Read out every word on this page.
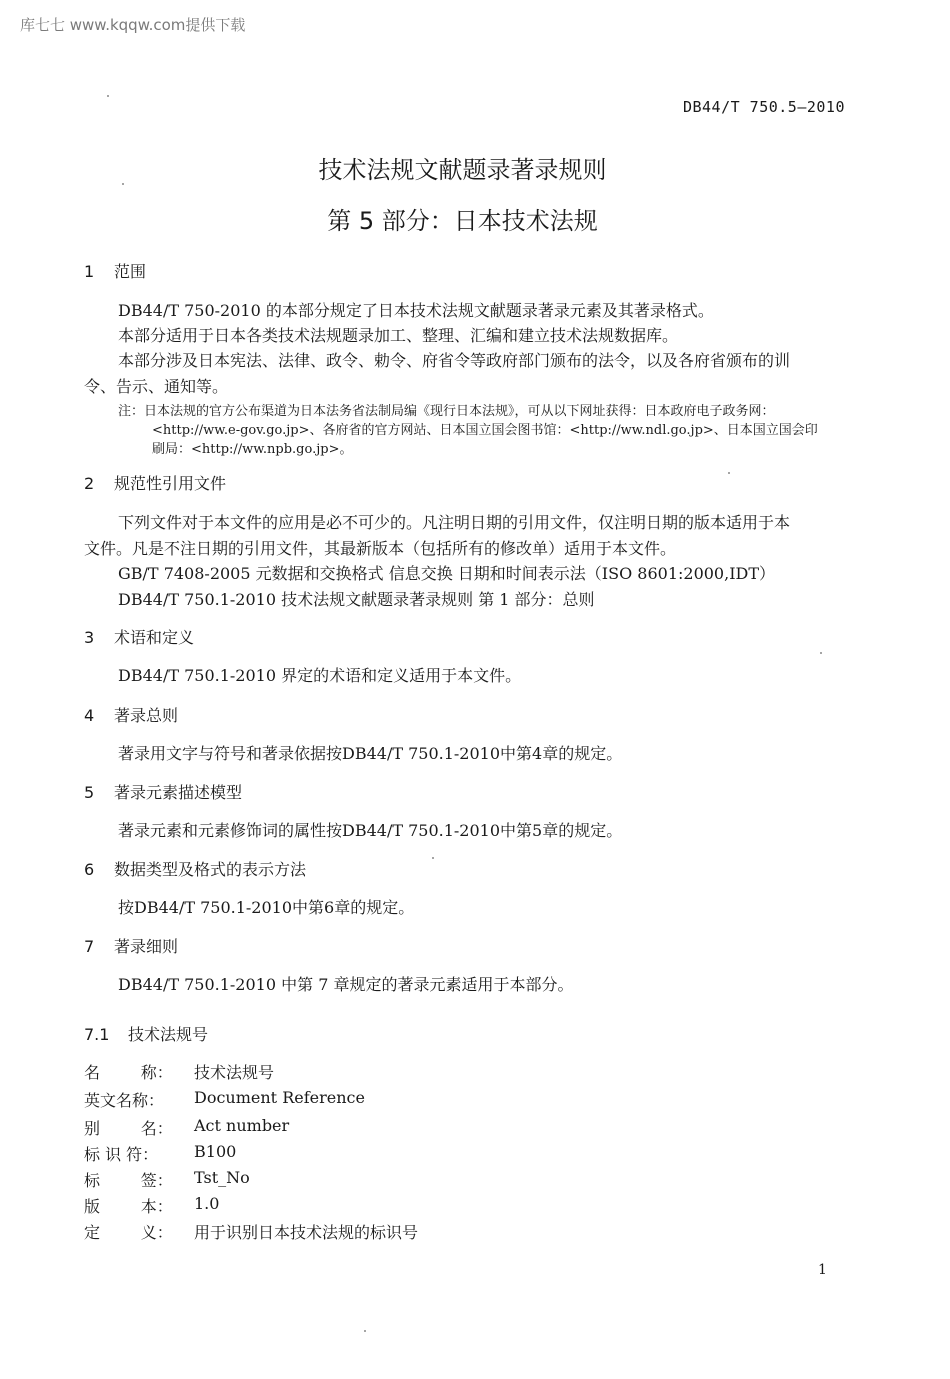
库七七 www.kqqw.com提供下载
DB44/T 750.5—2010
技术法规文献题录著录规则
第 5 部分：日本技术法规
1 范围
DB44/T 750-2010 的本部分规定了日本技术法规文献题录著录元素及其著录格式。
本部分适用于日本各类技术法规题录加工、整理、汇编和建立技术法规数据库。
本部分涉及日本宪法、法律、政令、勅令、府省令等政府部门颁布的法令，以及各府省颁布的训
令、告示、通知等。
注：日本法规的官方公布渠道为日本法务省法制局编《现行日本法规》，可从以下网址获得：日本政府电子政务网：
<http://ww.e-gov.go.jp>、各府省的官方网站、日本国立国会图书馆：<http://ww.ndl.go.jp>、日本国立国会印
刷局：<http://ww.npb.go.jp>。
2 规范性引用文件
下列文件对于本文件的应用是必不可少的。凡注明日期的引用文件，仅注明日期的版本适用于本
文件。凡是不注日期的引用文件，其最新版本（包括所有的修改单）适用于本文件。
GB/T 7408-2005 元数据和交换格式 信息交换 日期和时间表示法（ISO 8601:2000,IDT）
DB44/T 750.1-2010 技术法规文献题录著录规则 第 1 部分：总则
3 术语和定义
DB44/T 750.1-2010 界定的术语和定义适用于本文件。
4 著录总则
著录用文字与符号和著录依据按DB44/T 750.1-2010中第4章的规定。
5 著录元素描述模型
著录元素和元素修饰词的属性按DB44/T 750.1-2010中第5章的规定。
6 数据类型及格式的表示方法
按DB44/T 750.1-2010中第6章的规定。
7 著录细则
DB44/T 750.1-2010 中第 7 章规定的著录元素适用于本部分。
7.1 技术法规号
名        称： 技术法规号
英文名称： Document Reference
别        名： Act number
标 识 符： B100
标        签： Tst_No
版        本： 1.0
定        义： 用于识别日本技术法规的标识号
1
